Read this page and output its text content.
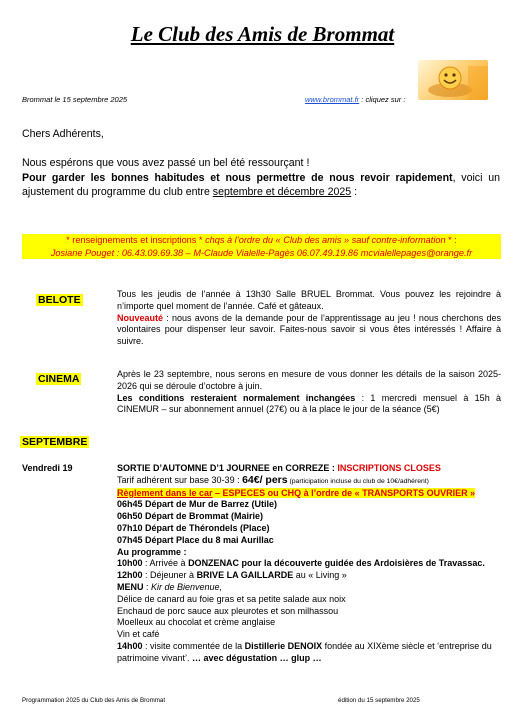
Le Club des Amis de Brommat
Brommat le 15 septembre 2025	www.brommat.fr : cliquez sur :
Chers Adhérents,
Nous espérons que vous avez passé un bel été ressourçant !
Pour garder les bonnes habitudes et nous permettre de nous revoir rapidement, voici un ajustement du programme du club entre septembre et décembre 2025 :
* renseignements et inscriptions * chqs à l’ordre du « Club des amis » sauf contre-information * :
Josiane Pouget : 06.43.09.69.38 – M-Claude Vialelle-Pagès 06.07.49.19.86 mcvialellepages@orange.fr
BELOTE	Tous les jeudis de l’année à 13h30 Salle BRUEL Brommat. Vous pouvez les rejoindre à n’importe quel moment de l’année. Café et gâteaux.
Nouveauté : nous avons de la demande pour de l’apprentissage au jeu ! nous cherchons des volontaires pour dispenser leur savoir. Faites-nous savoir si vous êtes intéressés ! Affaire à suivre.
CINEMA	Après le 23 septembre, nous serons en mesure de vous donner les détails de la saison 2025-2026 qui se déroule d’octobre à juin.
Les conditions resteraient normalement inchangées : 1 mercredi mensuel à 15h à CINEMUR – sur abonnement annuel (27€) ou à la place le jour de la séance (5€)
SEPTEMBRE
Vendredi 19	SORTIE D’AUTOMNE D’1 JOURNEE en CORREZE : INSCRIPTIONS CLOSES
Tarif adhérent sur base 30-39 : 64€/ pers (participation incluse du club de 10€/adhérent)
Règlement dans le car – ESPECES ou CHQ à l’ordre de « TRANSPORTS OUVRIER »
06h45 Départ de Mur de Barrez (Utile)
06h50 Départ de Brommat (Mairie)
07h10 Départ de Thérondels (Place)
07h45 Départ Place du 8 mai Aurillac
Au programme :
10h00 : Arrivée à DONZENAC pour la découverte guidée des Ardoisières de Travassac.
12h00 : Déjeuner à BRIVE LA GAILLARDE au « Living »
MENU : Kir de Bienvenue,
Délice de canard au foie gras et sa petite salade aux noix
Enchaud de porc sauce aux pleurotes et son milhassou
Moelleux au chocolat et crème anglaise
Vin et café
14h00 : visite commentée de la Distillerie DENOIX fondée au XIXème siècle et ‘entreprise du patrimoine vivant’. … avec dégustation … glup …
Programmation 2025 du Club des Amis de Brommat	édition du 15 septembre 2025
